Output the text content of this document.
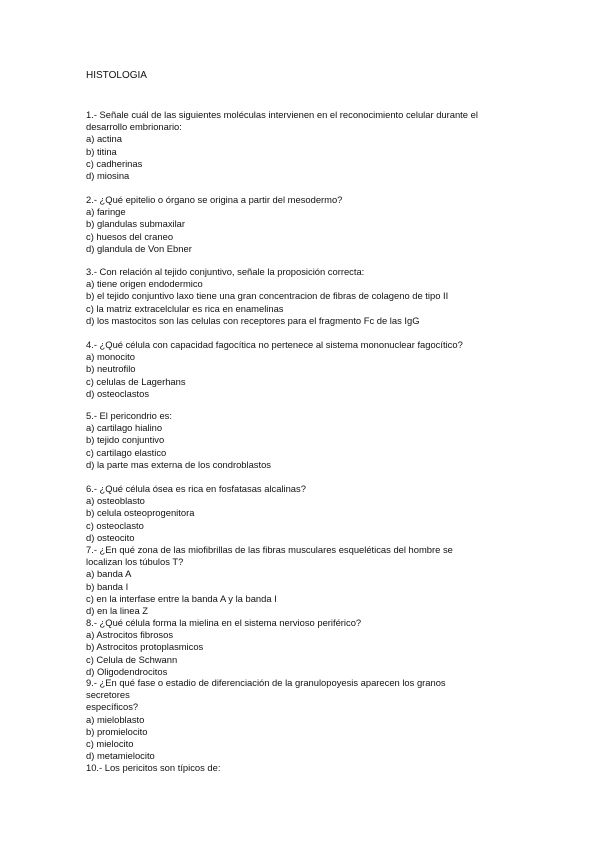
HISTOLOGIA
1.- Señale cuál de las siguientes moléculas intervienen en el reconocimiento celular durante el
desarrollo embrionario:
a) actina
b) titina
c) cadherinas
d) miosina
2.- ¿Qué epitelio o órgano se origina a partir del mesodermo?
a) faringe
b) glandulas submaxilar
c) huesos del craneo
d) glandula de Von Ebner
3.- Con relación al tejido conjuntivo, señale la proposición correcta:
a) tiene origen endodermico
b) el tejido conjuntivo laxo tiene una gran concentracion de fibras de colageno de tipo II
c) la matriz extracelclular es rica en enamelinas
d) los mastocitos son las celulas con receptores para el fragmento Fc de las IgG
4.- ¿Qué célula con capacidad fagocítica no pertenece al sistema mononuclear fagocítico?
a) monocito
b) neutrofilo
c) celulas de Lagerhans
d) osteoclastos
5.- El pericondrio es:
a) cartilago hialino
b) tejido conjuntivo
c) cartilago elastico
d) la parte mas externa de los condroblastos
6.- ¿Qué célula ósea es rica en fosfatasas alcalinas?
a) osteoblasto
b) celula osteoprogenitora
c) osteoclasto
d) osteocito
7.- ¿En qué zona de las miofibrillas de las fibras musculares esqueléticas del hombre se
localizan los túbulos T?
a) banda A
b) banda I
c) en la interfase entre la banda A y la banda I
d) en la linea Z
8.- ¿Qué célula forma la mielina en el sistema nervioso periférico?
a) Astrocitos fibrosos
b) Astrocitos protoplasmicos
c) Celula de Schwann
d) Oligodendrocitos
9.- ¿En qué fase o estadio de diferenciación de la granulopoyesis aparecen los granos
secretores
específicos?
a) mieloblasto
b) promielocito
c) mielocito
d) metamielocito
10.- Los pericitos son típicos de:
